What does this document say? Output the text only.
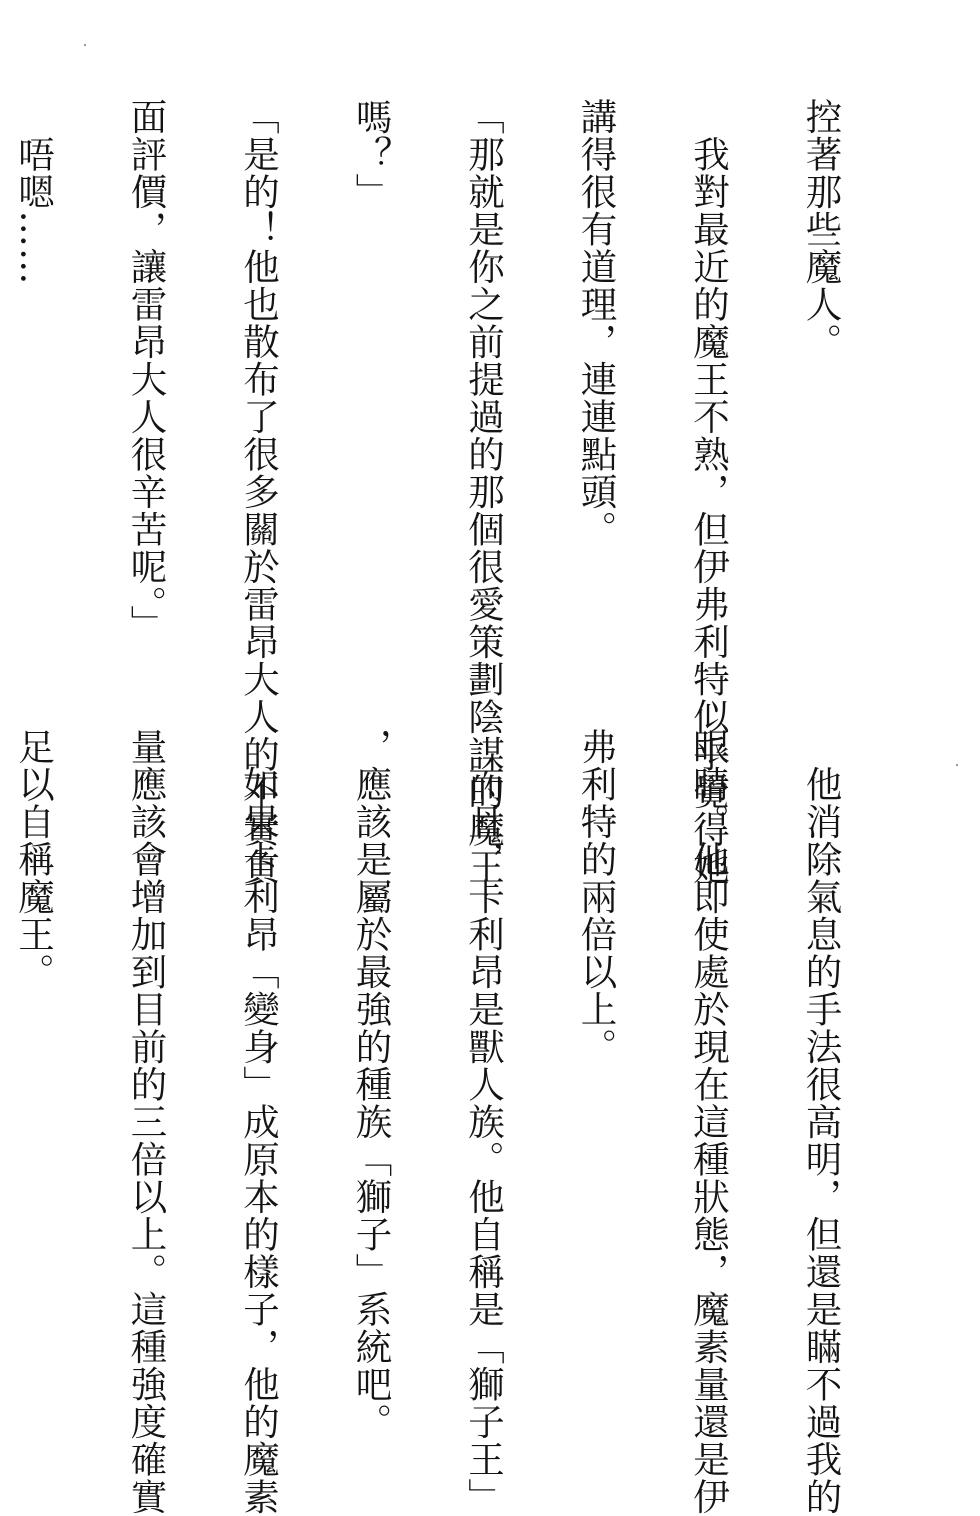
控著那些魔人。

　我對最近的魔王不熟，但伊弗利特似乎覺得她

講得很有道理，連連點頭。

「那就是你之前提過的那個很愛策劃陰謀的魔王

嗎？」

「是的！他也散布了很多關於雷昂大人的不實負

面評價，讓雷昂大人很辛苦呢。」

　唔嗯……

　他消除氣息的手法很高明，但還是瞞不過我的

眼睛。他即使處於現在這種狀態，魔素量還是伊

弗利特的兩倍以上。

　而且，卡利昂是獸人族。他自稱是「獅子王」

，應該是屬於最強的種族「獅子」系統吧。

　如果卡利昂「變身」成原本的樣子，他的魔素

量應該會增加到目前的三倍以上。這種強度確實

足以自稱魔王。
